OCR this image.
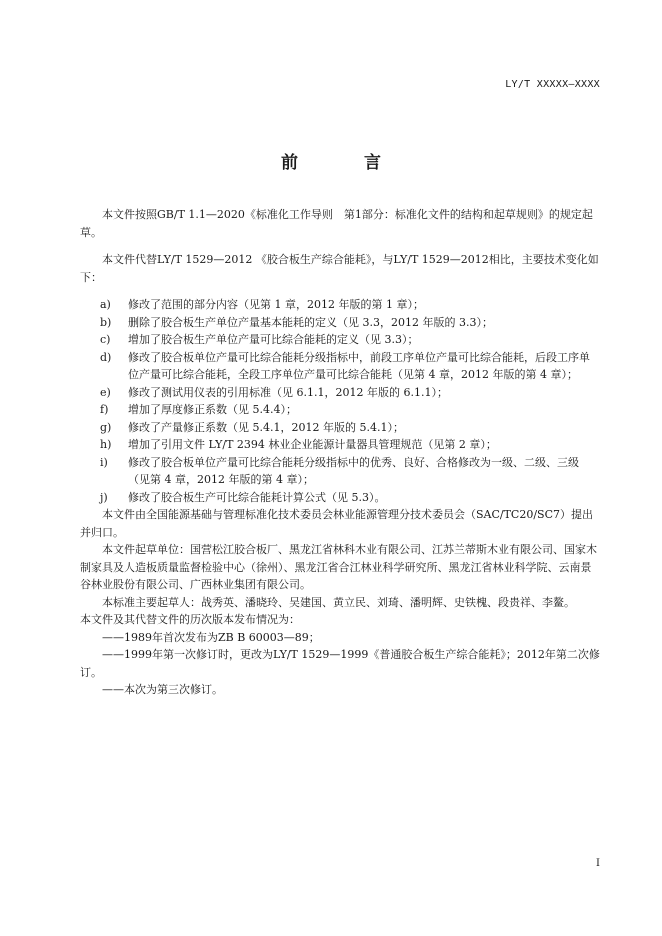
LY/T XXXXX—XXXX
前 言

本文件按照GB/T 1.1—2020《标准化工作导则　第1部分：标准化文件的结构和起草规则》的规定起草。

本文件代替LY/T 1529—2012 《胶合板生产综合能耗》，与LY/T 1529—2012相比，主要技术变化如下：

a) 修改了范围的部分内容（见第 1 章，2012 年版的第 1 章）；
b) 删除了胶合板生产单位产量基本能耗的定义（见 3.3，2012 年版的 3.3）；
c) 增加了胶合板生产单位产量可比综合能耗的定义（见 3.3）；
d) 修改了胶合板单位产量可比综合能耗分级指标中，前段工序单位产量可比综合能耗，后段工序单位产量可比综合能耗，全段工序单位产量可比综合能耗（见第 4 章，2012 年版的第 4 章）；
e) 修改了测试用仪表的引用标准（见 6.1.1，2012 年版的 6.1.1）；
f) 增加了厚度修正系数（见 5.4.4）；
g) 修改了产量修正系数（见 5.4.1，2012 年版的 5.4.1）；
h) 增加了引用文件 LY/T 2394 林业企业能源计量器具管理规范（见第 2 章）；
i) 修改了胶合板单位产量可比综合能耗分级指标中的优秀、良好、合格修改为一级、二级、三级（见第 4 章，2012 年版的第 4 章）；
j) 修改了胶合板生产可比综合能耗计算公式（见 5.3）。

本文件由全国能源基础与管理标准化技术委员会林业能源管理分技术委员会（SAC/TC20/SC7）提出并归口。

本文件起草单位：国营松江胶合板厂、黑龙江省林科木业有限公司、江苏兰蒂斯木业有限公司、国家木制家具及人造板质量监督检验中心（徐州）、黑龙江省合江林业科学研究所、黑龙江省林业科学院、云南景谷林业股份有限公司、广西林业集团有限公司。

本标准主要起草人：战秀英、潘晓玲、吴建国、黄立民、刘琦、潘明辉、史铁槐、段贵祥、李鳌。

本文件及其代替文件的历次版本发布情况为：

——1989年首次发布为ZB B 60003—89；

——1999年第一次修订时，更改为LY/T 1529—1999《普通胶合板生产综合能耗》；2012年第二次修订。

——本次为第三次修订。

I
